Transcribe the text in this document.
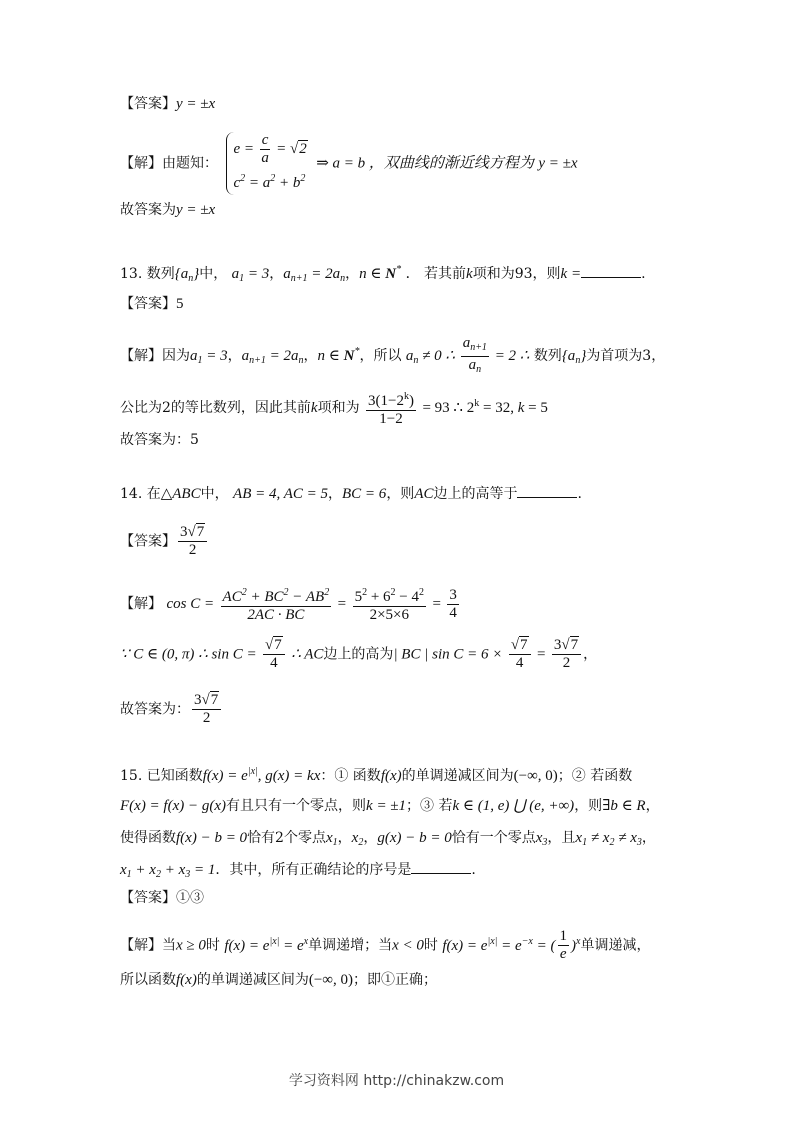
【答案】y = ±x
【解】由题知：
$e = \frac{c}{a} = √2$
$c^2 = a^2 + b^2$
⇒ a = b ，双曲线的渐近线方程为 y = ±x
故答案为y = ±x
13. 数列$\{a_n\}$中， $a_1 = 3$，$a_{n+1} = 2a_n$，n ∈ N* ． 若其前k项和为93，则k =	.
【答案】5
【解】因为$a_1 = 3$，$a_{n+1} = 2a_n$，n ∈ N*，所以 $a_n \ne 0$ ∴ $\frac{a_{n+1}}{a_n} = 2$ ∴ 数列$\{a_n\}$为首项为3，
公比为2的等比数列，因此其前k项和为 $\frac{3(1-2^k)}{1-2} = 93$ ∴ $2^k = 32$, k = 5
故答案为：5
14. 在△ABC中， AB = 4, AC = 5，BC = 6，则AC边上的高等于	.
【答案】 $\frac{3√7}{2}$
【解】 $\cos C = \frac{AC^2 + BC^2 - AB^2}{2AC \cdot BC} = \frac{5^2 + 6^2 - 4^2}{2\times 5\times 6} = \frac{3}{4}$
∵ C ∈ (0, π) ∴ $\sin C = \frac{√7}{4}$ ∴ AC边上的高为| BC | $\sin C = 6 \times \frac{√7}{4} = \frac{3√7}{2}$ ，
故答案为： $\frac{3√7}{2}$
15. 已知函数$f(x) = e^{|x|}$, g(x) = kx：① 函数f(x)的单调递减区间为(−∞, 0)；② 若函数
F(x) = f(x) − g(x)有且只有一个零点，则k = ±1；③ 若k ∈ (1, e) ⋃ (e, +∞)，则∃b ∈ R，
使得函数f(x) − b = 0恰有2个零点$x_1$，$x_2$，g(x) − b = 0恰有一个零点$x_3$，且$x_1 \ne x_2 \ne x_3$，
$x_1 + x_2 + x_3 = 1$．其中，所有正确结论的序号是	.
【答案】①③
【解】当x ≥ 0时 $f(x) = e^{|x|} = e^x$单调递增；当x < 0时 $f(x) = e^{|x|} = e^{-x}$ = ( $\frac{1}{e} )^x$单调递减，
所以函数f(x)的单调递减区间为(−∞, 0)；即①正确；
学习资料网 http://chinakzw.com
